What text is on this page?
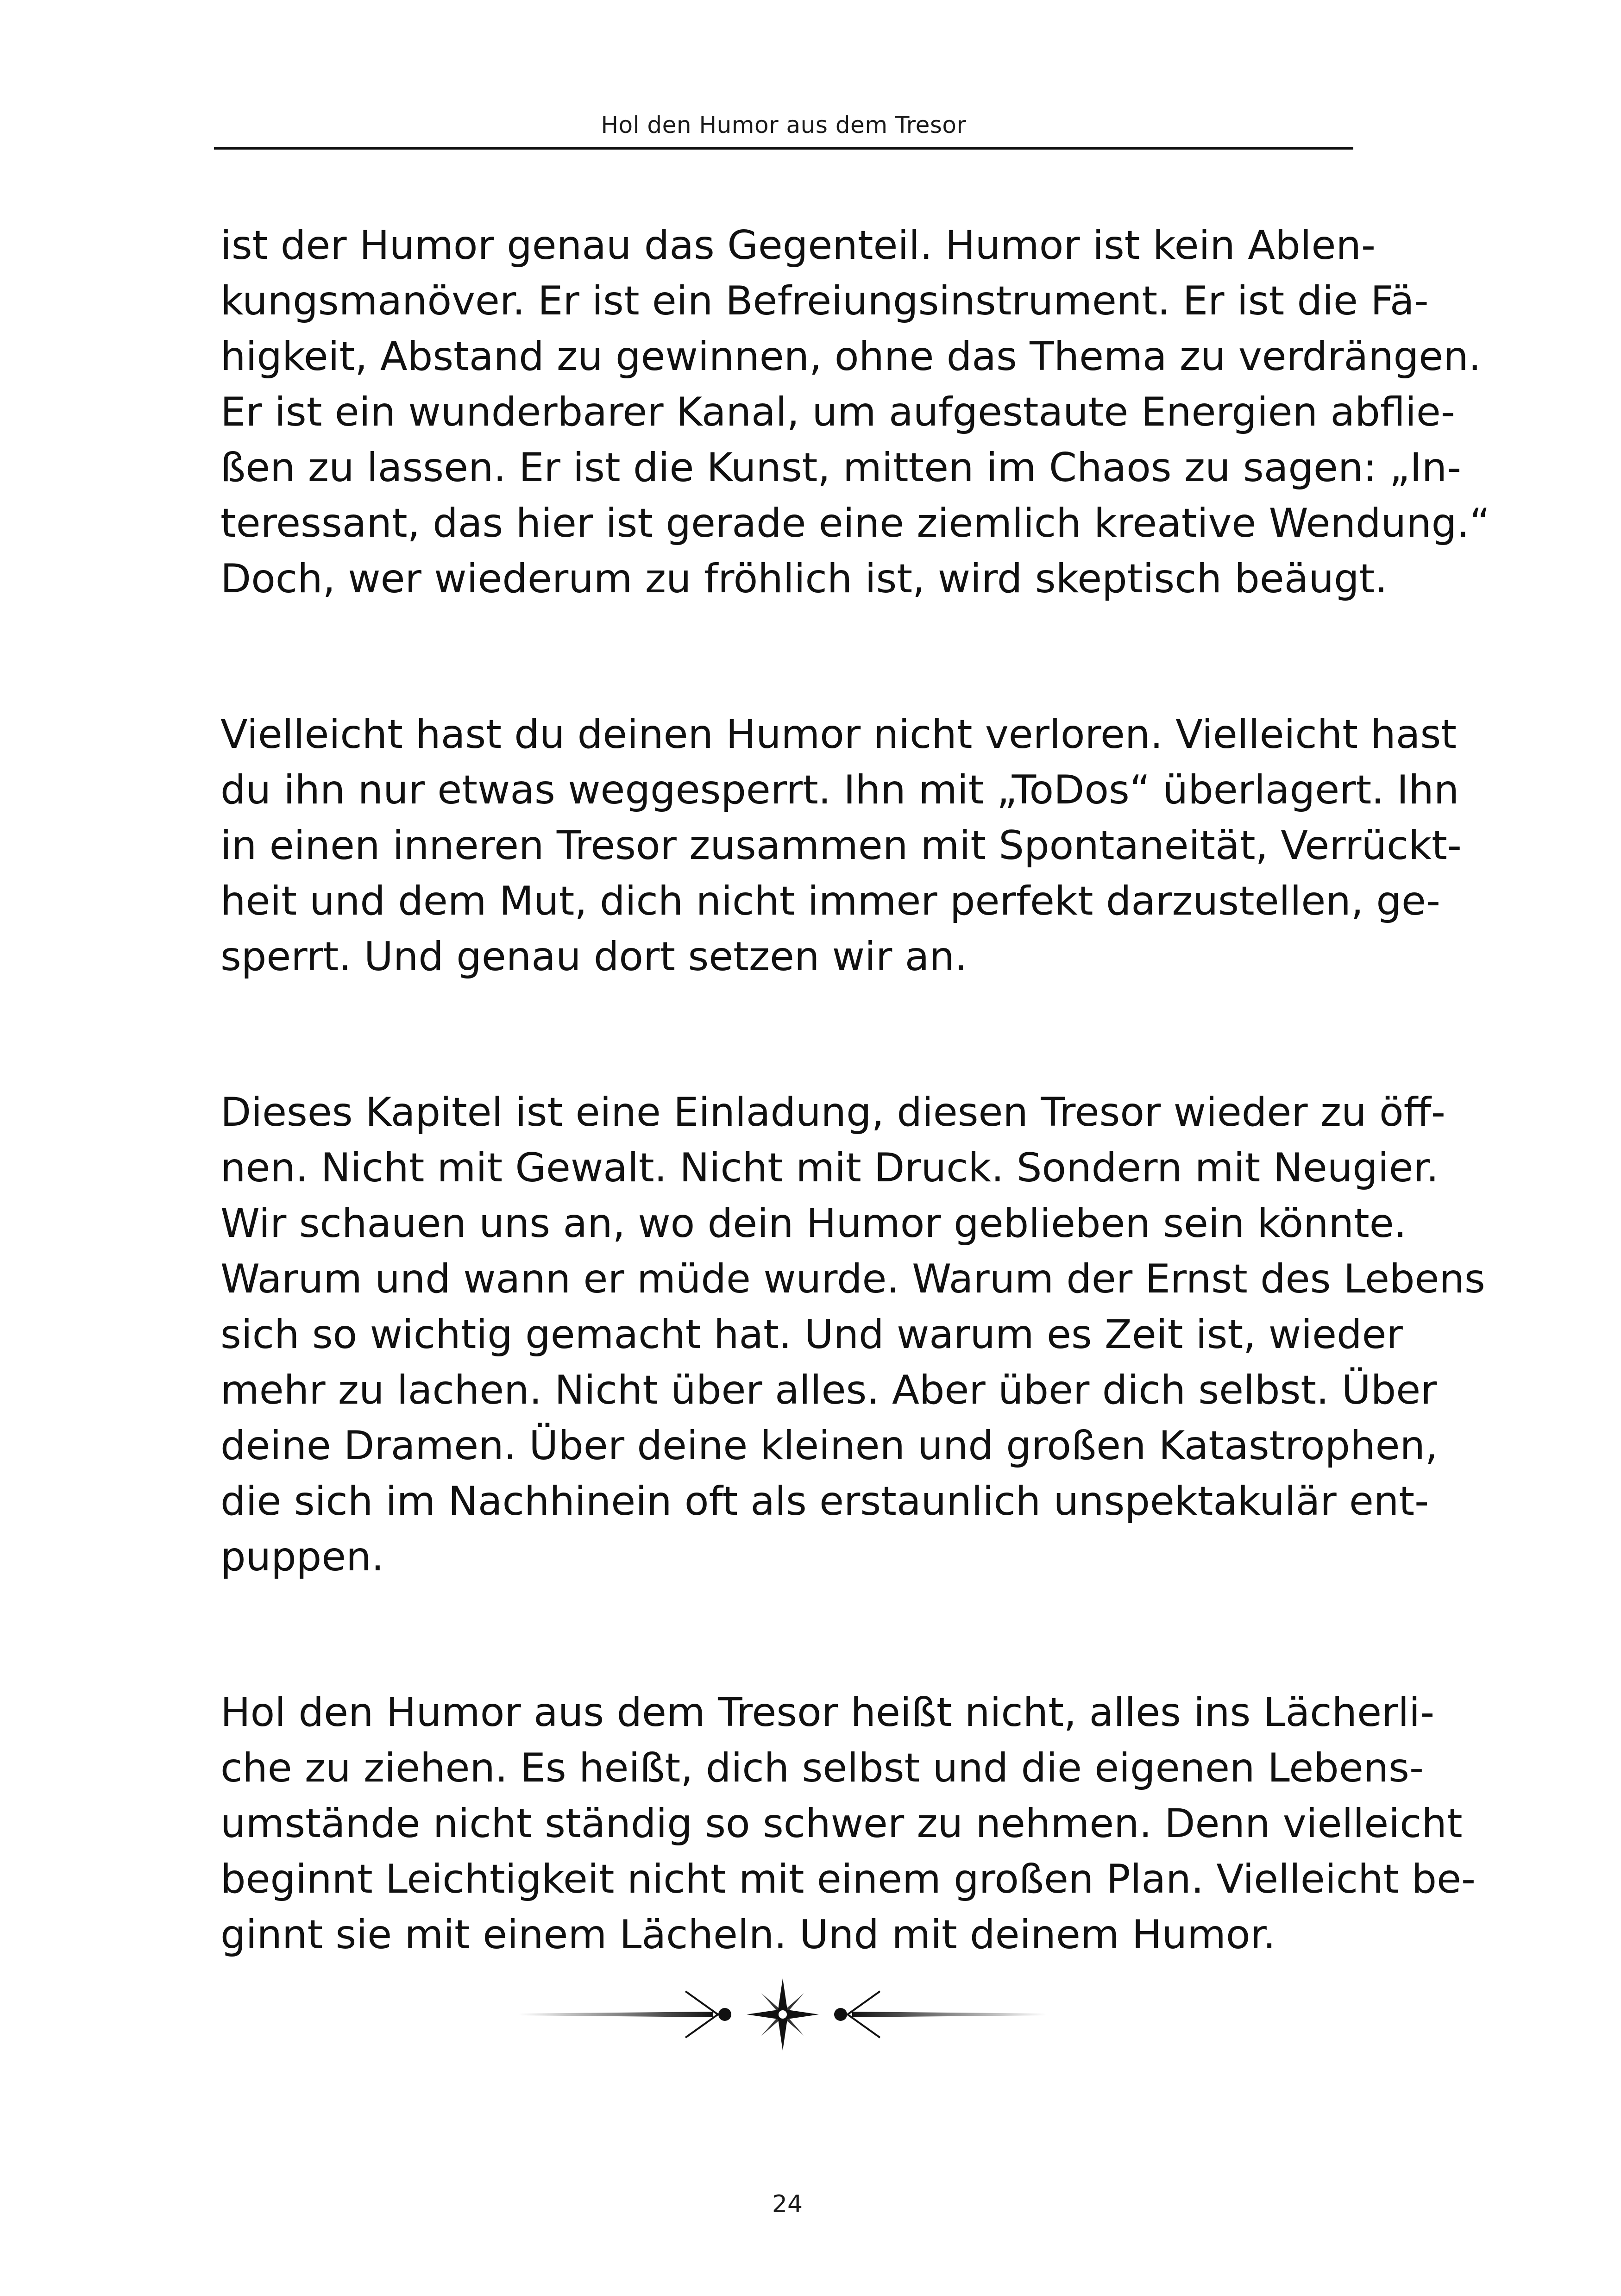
Hol den Humor aus dem Tresor

ist der Humor genau das Gegenteil. Humor ist kein Ablen-
kungsmanöver. Er ist ein Befreiungsinstrument. Er ist die Fä-
higkeit, Abstand zu gewinnen, ohne das Thema zu verdrängen.
Er ist ein wunderbarer Kanal, um aufgestaute Energien abflie-
ßen zu lassen. Er ist die Kunst, mitten im Chaos zu sagen: „In-
teressant, das hier ist gerade eine ziemlich kreative Wendung.“
Doch, wer wiederum zu fröhlich ist, wird skeptisch beäugt.

Vielleicht hast du deinen Humor nicht verloren. Vielleicht hast
du ihn nur etwas weggesperrt. Ihn mit „ToDos“ überlagert. Ihn
in einen inneren Tresor zusammen mit Spontaneität, Verrückt-
heit und dem Mut, dich nicht immer perfekt darzustellen, ge-
sperrt. Und genau dort setzen wir an.

Dieses Kapitel ist eine Einladung, diesen Tresor wieder zu öff-
nen. Nicht mit Gewalt. Nicht mit Druck. Sondern mit Neugier.
Wir schauen uns an, wo dein Humor geblieben sein könnte.
Warum und wann er müde wurde. Warum der Ernst des Lebens
sich so wichtig gemacht hat. Und warum es Zeit ist, wieder
mehr zu lachen. Nicht über alles. Aber über dich selbst. Über
deine Dramen. Über deine kleinen und großen Katastrophen,
die sich im Nachhinein oft als erstaunlich unspektakulär ent-
puppen.

Hol den Humor aus dem Tresor heißt nicht, alles ins Lächerli-
che zu ziehen. Es heißt, dich selbst und die eigenen Lebens-
umstände nicht ständig so schwer zu nehmen. Denn vielleicht
beginnt Leichtigkeit nicht mit einem großen Plan. Vielleicht be-
ginnt sie mit einem Lächeln. Und mit deinem Humor.

24
